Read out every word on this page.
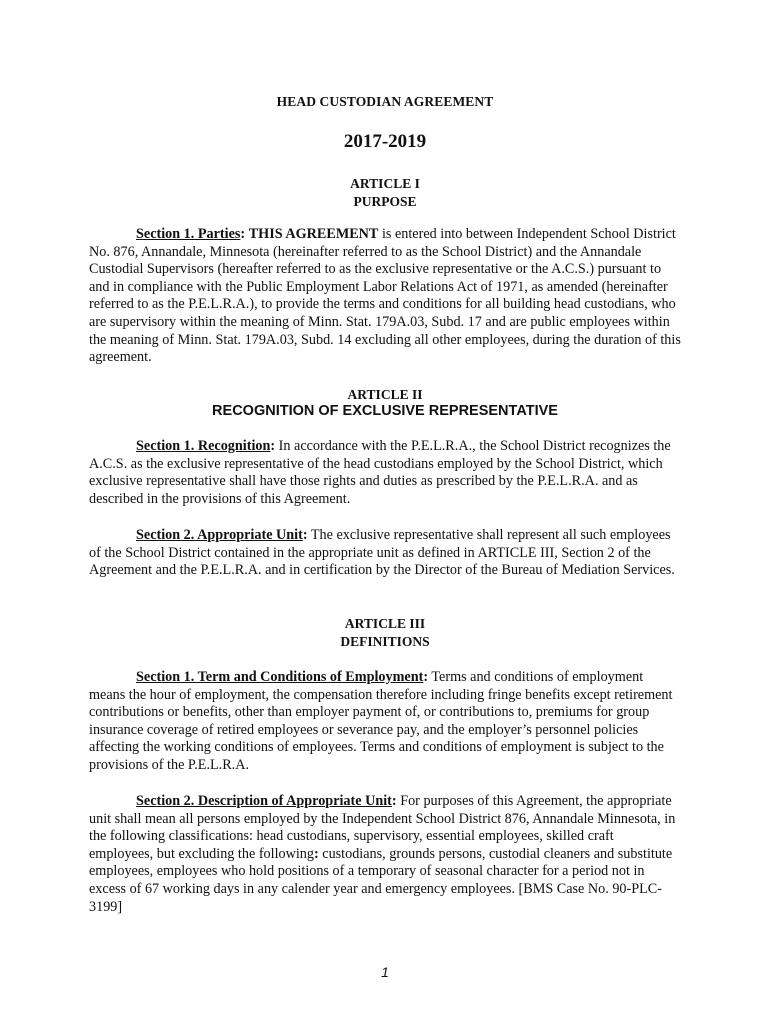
HEAD CUSTODIAN AGREEMENT
2017-2019
ARTICLE I
PURPOSE
Section 1. Parties: THIS AGREEMENT is entered into between Independent School District No. 876, Annandale, Minnesota (hereinafter referred to as the School District) and the Annandale Custodial Supervisors (hereafter referred to as the exclusive representative or the A.C.S.) pursuant to and in compliance with the Public Employment Labor Relations Act of 1971, as amended (hereinafter referred to as the P.E.L.R.A.), to provide the terms and conditions for all building head custodians, who are supervisory within the meaning of Minn. Stat. 179A.03, Subd. 17 and are public employees within the meaning of Minn. Stat. 179A.03, Subd. 14 excluding all other employees, during the duration of this agreement.
ARTICLE II
RECOGNITION OF EXCLUSIVE REPRESENTATIVE
Section 1. Recognition: In accordance with the P.E.L.R.A., the School District recognizes the A.C.S. as the exclusive representative of the head custodians employed by the School District, which exclusive representative shall have those rights and duties as prescribed by the P.E.L.R.A. and as described in the provisions of this Agreement.
Section 2. Appropriate Unit: The exclusive representative shall represent all such employees of the School District contained in the appropriate unit as defined in ARTICLE III, Section 2 of the Agreement and the P.E.L.R.A. and in certification by the Director of the Bureau of Mediation Services.
ARTICLE III
DEFINITIONS
Section 1. Term and Conditions of Employment: Terms and conditions of employment means the hour of employment, the compensation therefore including fringe benefits except retirement contributions or benefits, other than employer payment of, or contributions to, premiums for group insurance coverage of retired employees or severance pay, and the employer’s personnel policies affecting the working conditions of employees. Terms and conditions of employment is subject to the provisions of the P.E.L.R.A.
Section 2. Description of Appropriate Unit: For purposes of this Agreement, the appropriate unit shall mean all persons employed by the Independent School District 876, Annandale Minnesota, in the following classifications: head custodians, supervisory, essential employees, skilled craft employees, but excluding the following: custodians, grounds persons, custodial cleaners and substitute employees, employees who hold positions of a temporary of seasonal character for a period not in excess of 67 working days in any calender year and emergency employees. [BMS Case No. 90-PLC-3199]
1
